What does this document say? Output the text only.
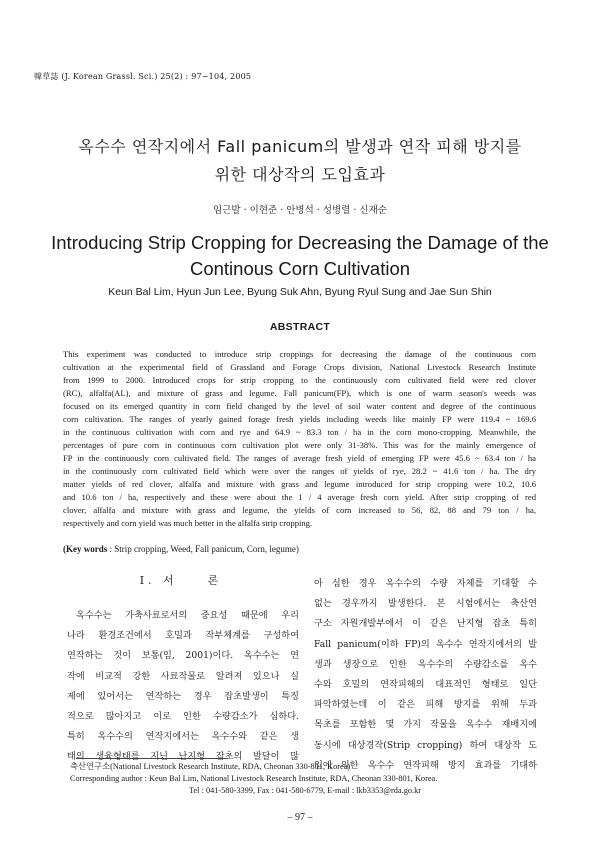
韓草誌 (J. Korean Grassl. Sci.) 25(2) : 97~104, 2005
옥수수 연작지에서 Fall panicum의 발생과 연작 피해 방지를
위한 대상작의 도입효과
임근발 · 이현준 · 안병석 · 성병렬 · 신재순
Introducing Strip Cropping for Decreasing the Damage of the
Continous Corn Cultivation
Keun Bal Lim, Hyun Jun Lee, Byung Suk Ahn, Byung Ryul Sung and Jae Sun Shin
ABSTRACT
This experiment was conducted to introduce strip croppings for decreasing the damage of the continuous corn
cultivation at the experimental field of Grassland and Forage Crops division, National Livestock Research Institute
from 1999 to 2000. Introduced crops for strip cropping to the continuously corn cultivated field were red clover
(RC), alfalfa(AL), and mixture of grass and legume. Fall panicum(FP), which is one of warm season's weeds was
focused on its emerged quantity in corn field changed by the level of soil water content and degree of the continuous
corn cultivation. The ranges of yearly gained forage fresh yields including weeds like mainly FP were 119.4 ~ 169.6
in the continuous cultivation with corn and rye and 64.9 ~ 83.3 ton / ha in the corn mono-cropping. Meanwhile, the
percentages of pure corn in continuous corn cultivation plot were only 31-38%. This was for the mainly emergence of
FP in the continuously corn cultivated field. The ranges of average fresh yield of emerging FP were 45.6 ~ 63.4 ton / ha
in the continuously corn cultivated field which were over the ranges of yields of rye, 28.2 ~ 41.6 ton / ha. The dry
matter yields of red clover, alfalfa and mixture with grass and legume introduced for strip cropping were 10.2, 10.6
and 10.6 ton / ha, respectively and these were about the 1 / 4 average fresh corn yield. After strip cropping of red
clover, alfalfa and mixture with grass and legume, the yields of corn increased to 56, 82, 88 and 79 ton / ha,
respectively and corn yield was much better in the alfalfa strip cropping.
(Key words : Strip cropping, Weed, Fall panicum, Corn, legume)
Ⅰ. 서　　론
옥수수는 가축사료로서의 중요성 때문에 우리
나라 환경조건에서 호밀과 작부체계를 구성하여
연작하는 것이 보통(임, 2001)이다. 옥수수는 연
작에 비교적 강한 사료작물로 알려져 있으나 실
제에 있어서는 연작하는 경우 잡초발생이 특징
적으로 많아지고 이로 인한 수량감소가 심하다.
특히 옥수수의 연작지에서는 옥수수와 같은 생
태의 생육형태를 지닌 난지형 잡초의 발달이 많
아 심한 경우 옥수수의 수량 자체를 기대할 수
없는 경우까지 발생한다. 본 시험에서는 축산연
구소 자원개발부에서 이 같은 난지형 잡초 특히
Fall panicum(이하 FP)의 옥수수 연작지에서의 발
생과 생장으로 인한 옥수수의 수량감소를 옥수
수와 호밀의 연작피해의 대표적인 형태로 일단
파악하였는데 이 같은 피해 방지를 위해 두과
목초를 포함한 몇 가지 작물을 옥수수 재배지에
동시에 대상경작(Strip cropping) 하여 대상작 도
입에 의한 옥수수 연작피해 방지 효과를 기대하
축산연구소(National Livestock Research Institute, RDA, Cheonan 330-801, Korea)
Corresponding author : Keun Bal Lim, National Livestock Research Institute, RDA, Cheonan 330-801, Korea.
Tel : 041-580-3399, Fax : 041-580-6779, E-mail : lkb3353@rda.go.kr
– 97 –
